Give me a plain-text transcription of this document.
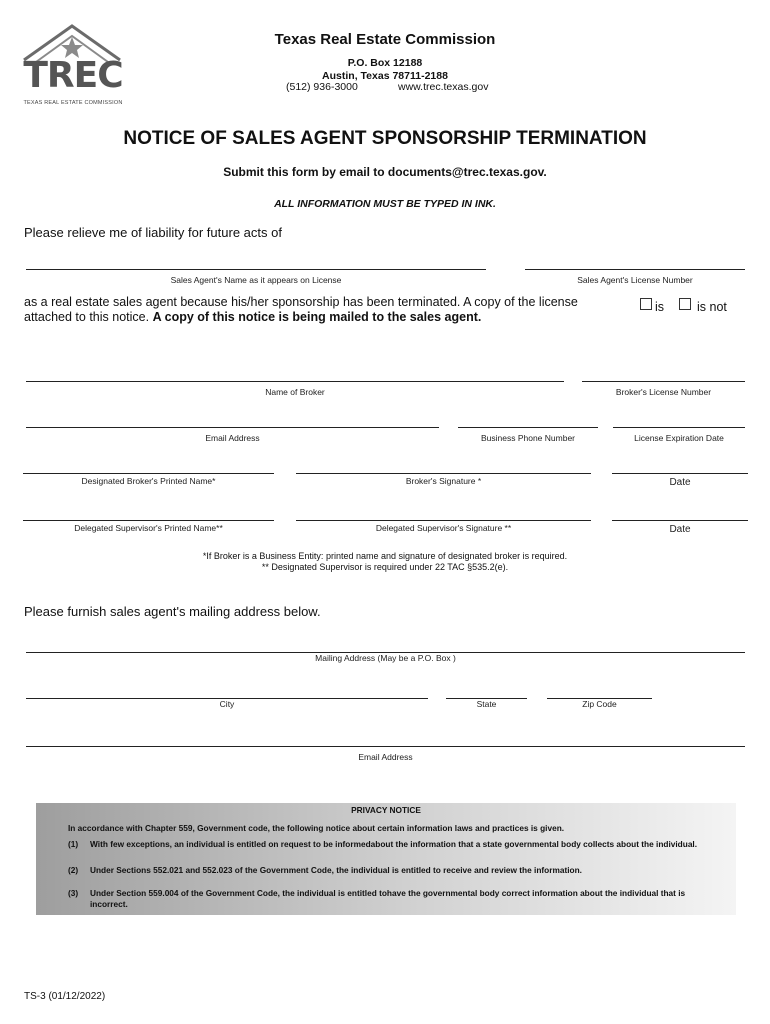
TREC
TEXAS REAL ESTATE COMMISSION
Texas Real Estate Commission
P.O. Box 12188
Austin, Texas 78711-2188
(512) 936-3000	www.trec.texas.gov
NOTICE OF SALES AGENT SPONSORSHIP TERMINATION
Submit this form by email to documents@trec.texas.gov.
ALL INFORMATION MUST BE TYPED IN INK.
Please relieve me of liability for future acts of
Sales Agent's Name as it appears on License	Sales Agent's License Number
as a real estate sales agent because his/her sponsorship has been terminated. A copy of the license	is	is not
attached to this notice. A copy of this notice is being mailed to the sales agent.
Name of Broker	Broker's License Number
Email Address	Business Phone Number	License Expiration Date
Designated Broker's Printed Name*	Broker's Signature *	Date
Delegated Supervisor's Printed Name**	Delegated Supervisor's Signature **	Date
*If Broker is a Business Entity: printed name and signature of designated broker is required.
** Designated Supervisor is required under 22 TAC §535.2(e).
Please furnish sales agent's mailing address below.
Mailing Address (May be a P.O. Box )
City	State	Zip Code
Email Address
PRIVACY NOTICE
In accordance with Chapter 559, Government code, the following notice about certain information laws and practices is given.
(1) With few exceptions, an individual is entitled on request to be informedabout the information that a state governmental body collects about the individual.
(2) Under Sections 552.021 and 552.023 of the Government Code, the individual is entitled to receive and review the information.
(3) Under Section 559.004 of the Government Code, the individual is entitled tohave the governmental body correct information about the individual that is incorrect.
TS-3 (01/12/2022)
